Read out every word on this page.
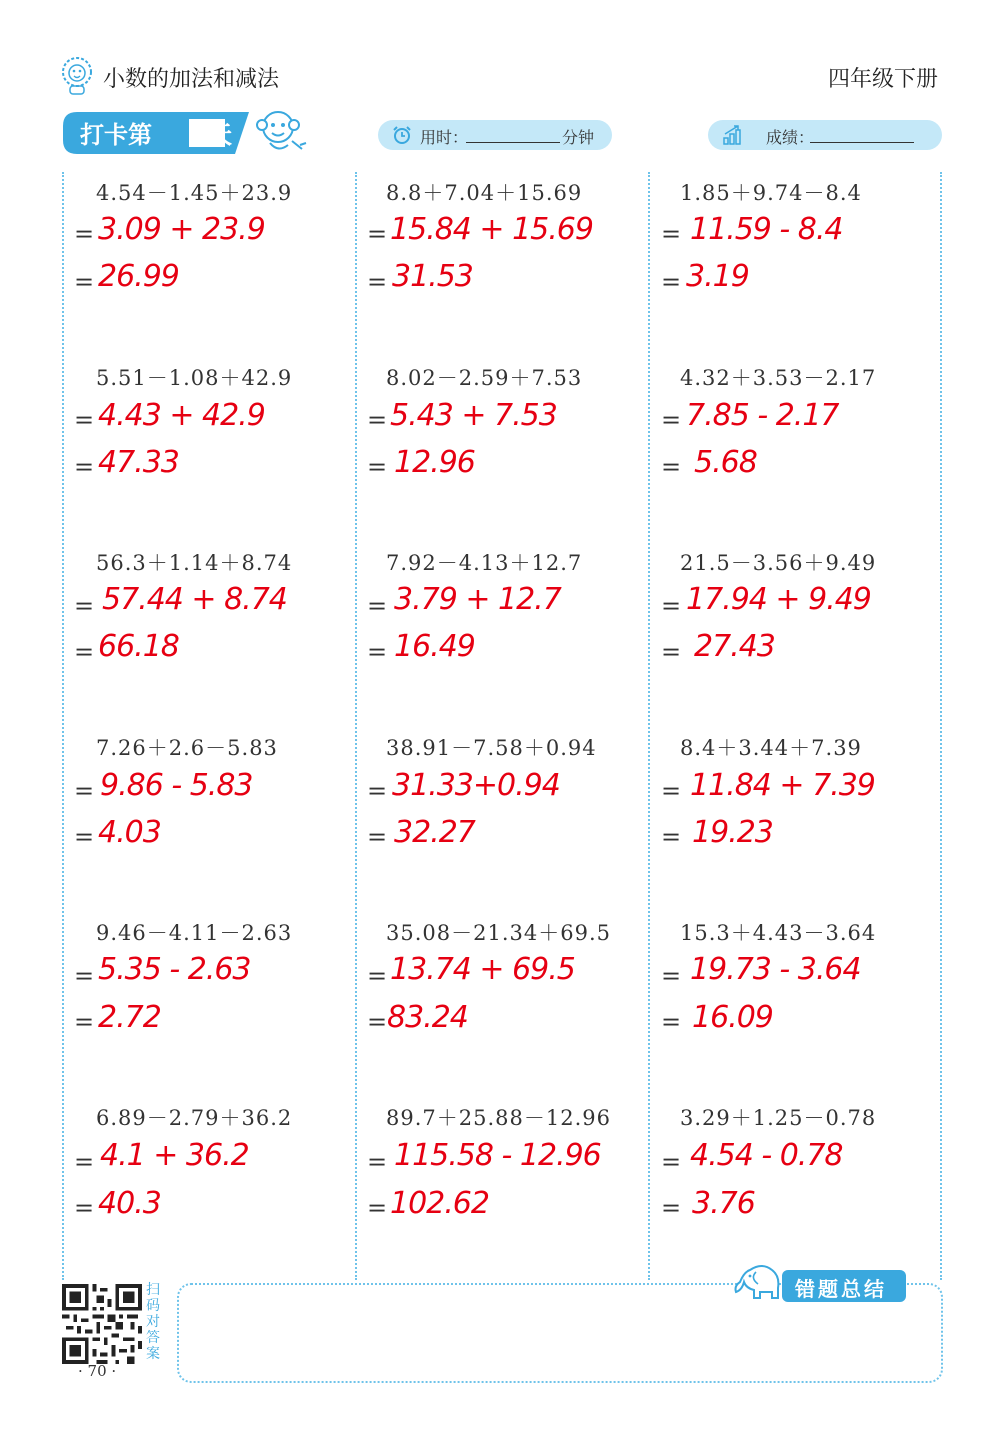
小数的加法和减法	四年级下册
打卡第 天	用时：	分钟	成绩：
4.54－1.45＋23.9
= 3.09 + 23.9
= 26.99
5.51－1.08＋42.9
= 4.43 + 42.9
= 47.33
56.3＋1.14＋8.74
= 57.44 + 8.74
= 66.18
7.26＋2.6－5.83
= 9.86 - 5.83
= 4.03
9.46－4.11－2.63
= 5.35 - 2.63
= 2.72
6.89－2.79＋36.2
= 4.1 + 36.2
= 40.3
8.8＋7.04＋15.69
= 15.84 + 15.69
= 31.53
8.02－2.59＋7.53
= 5.43 + 7.53
= 12.96
7.92－4.13＋12.7
= 3.79 + 12.7
= 16.49
38.91－7.58＋0.94
= 31.33+0.94
= 32.27
35.08－21.34＋69.5
= 13.74 + 69.5
= 83.24
89.7＋25.88－12.96
= 115.58 - 12.96
= 102.62
1.85＋9.74－8.4
= 11.59 - 8.4
= 3.19
4.32＋3.53－2.17
= 7.85 - 2.17
= 5.68
21.5－3.56＋9.49
= 17.94 + 9.49
= 27.43
8.4＋3.44＋7.39
= 11.84 + 7.39
= 19.23
15.3＋4.43－3.64
= 19.73 - 3.64
= 16.09
3.29＋1.25－0.78
= 4.54 - 0.78
= 3.76
扫码对答案
· 70 ·
错题总结
